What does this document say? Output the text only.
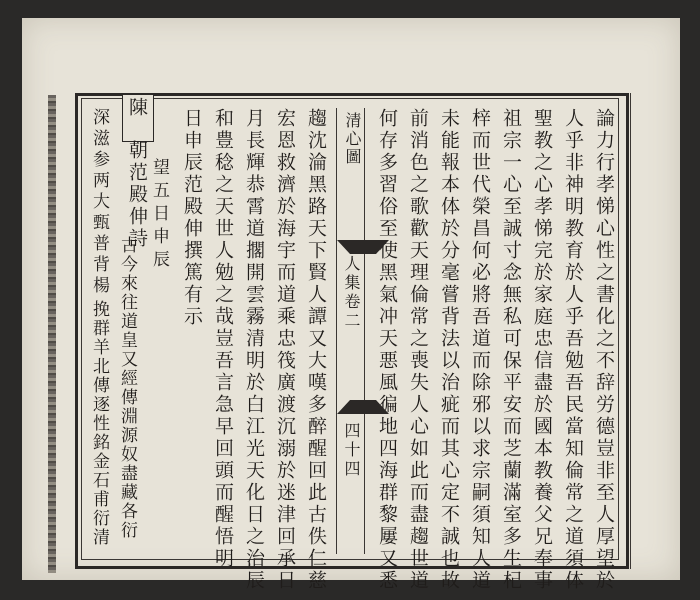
論力行孝悌心性之書化之不辞労德豈非至人厚望於
人乎非神明教育於人乎吾勉吾民當知倫常之道須体
聖教之心孝悌完於家庭忠信盡於國本教養父兄奉事
祖宗一心至誠寸念無私可保平安而芝蘭滿室多生杞
梓而世代榮昌何必將吾道而除邪以求宗嗣須知人道
未能報本体於分毫嘗背法以治疵而其心定不誠也故
前消色之歌歡天理倫常之喪失人心如此而盡趨世道
何存多習俗至使黑氣冲天悪風徧地四海群黎屢又悉
清心圖
人集卷二
四十四
趨沈淪黑路天下賢人譚又大嘆多醉醒回此古佚仁慈
宏恩救濟於海宇而道乘忠筏廣渡沉溺於迷津回承日
月長輝恭霄道擱開雲霧清明於白江光天化日之治辰
和豊稔之天世人勉之哉豈吾言急早回頭而醒悟明
日申辰范殿伸撰篤有示
望五日申辰
陳
朝范殿伸詩
古今來往道皇又經傳淵源奴盡藏各衍
深滋参两大甄普背楊
挽群羊北傳逐性銘金石甫衍清
